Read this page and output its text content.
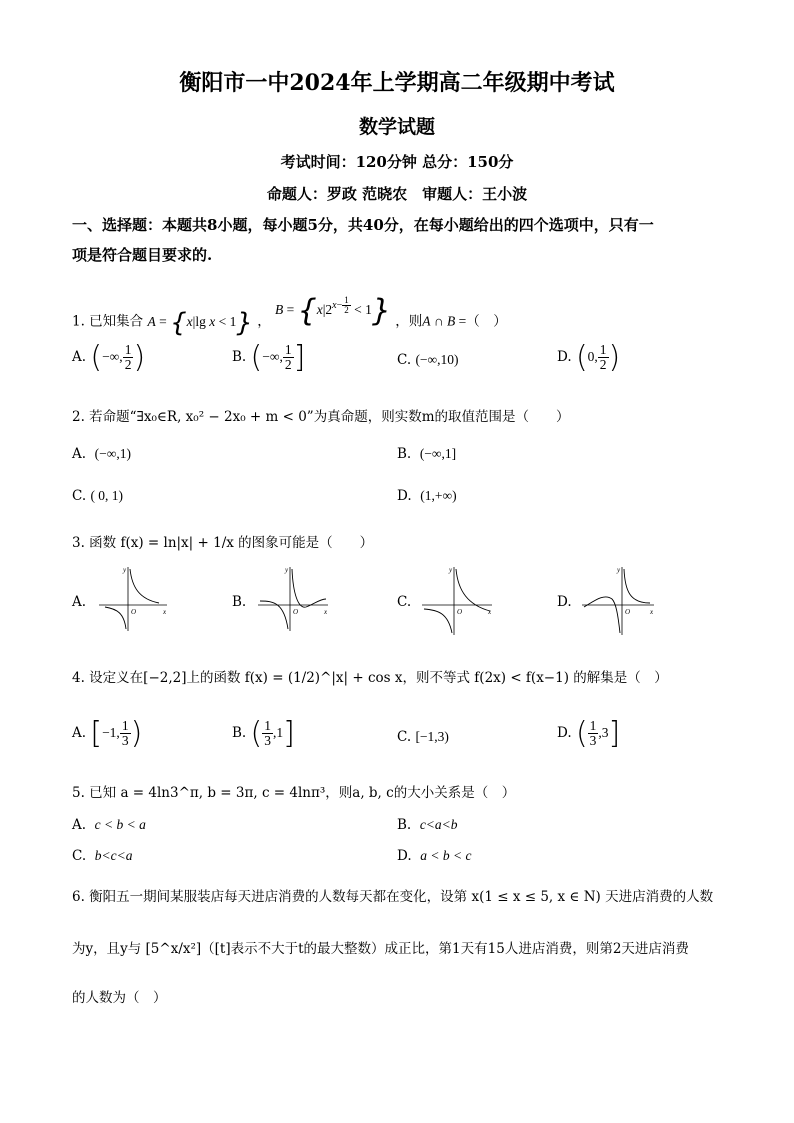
衡阳市一中2024年上学期高二年级期中考试
数学试题
考试时间：120分钟 总分：150分
命题人：罗政 范晓农　审题人：王小波
一、选择题：本题共8小题，每小题5分，共40分，在每小题给出的四个选项中，只有一
项是符合题目要求的.
1. 已知集合 A = {x|lg x < 1} ， $B = \{x|2^{x- \frac{1}{2}} < 1\}$ ，则A ∩ B =（　）
A. (−∞, $\frac{1}{2}$ )	B. (−∞, $\frac{1}{2}$ ]	C. (−∞,10)	D. (0, $\frac{1}{2}$ )
2. 若命题“∃x₀∈R, x₀² − 2x₀ + m < 0”为真命题，则实数m的取值范围是（　　）
A. (−∞,1)	B. (−∞,1]
C. ( 0, 1)	D. (1,+∞)
3. 函数 f(x) = ln|x| + 1/x 的图象可能是（　　）
A.
y
O	x
B.
y
O	x
C.
y
O	x
D.
y
O	x
4. 设定义在[−2,2]上的函数 f(x) = (1/2)^|x| + cos x，则不等式 f(2x) < f(x−1) 的解集是（　）
A. [−1, $\frac{1}{3}$ )	B. ( $\frac{1}{3} ,1$]	C. [−1,3)	D. ( $\frac{1}{3} ,3$]
5. 已知 a = 4ln3^π, b = 3π, c = 4lnπ³，则a, b, c的大小关系是（　）
A. c < b < a	B. c<a<b
C. b<c<a	D. a < b < c
6. 衡阳五一期间某服装店每天进店消费的人数每天都在变化，设第 x(1 ≤ x ≤ 5, x ∈ N) 天进店消费的人数
为y，且y与 [5^x/x²]（[t]表示不大于t的最大整数）成正比，第1天有15人进店消费，则第2天进店消费
的人数为（　）
